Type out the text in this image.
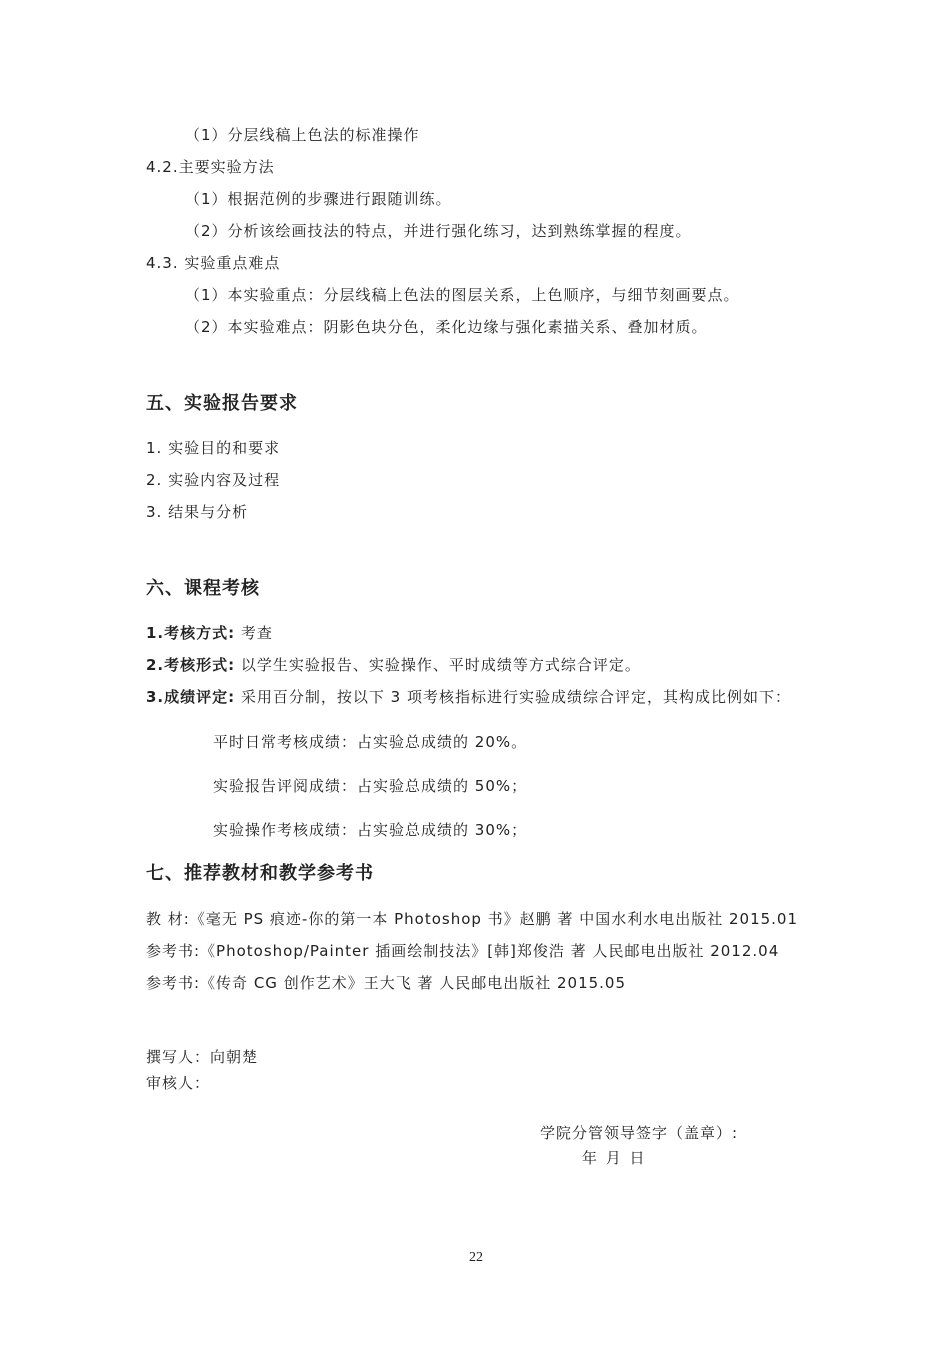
（1）分层线稿上色法的标准操作
4.2.主要实验方法
（1）根据范例的步骤进行跟随训练。
（2）分析该绘画技法的特点，并进行强化练习，达到熟练掌握的程度。
4.3. 实验重点难点
（1）本实验重点：分层线稿上色法的图层关系，上色顺序，与细节刻画要点。
（2）本实验难点：阴影色块分色，柔化边缘与强化素描关系、叠加材质。
五、实验报告要求
1. 实验目的和要求
2. 实验内容及过程
3. 结果与分析
六、课程考核
1.考核方式: 考查
2.考核形式: 以学生实验报告、实验操作、平时成绩等方式综合评定。
3.成绩评定: 采用百分制，按以下 3 项考核指标进行实验成绩综合评定，其构成比例如下：
平时日常考核成绩：占实验总成绩的 20%。
实验报告评阅成绩：占实验总成绩的 50%；
实验操作考核成绩：占实验总成绩的 30%；
七、推荐教材和教学参考书
教 材:《毫无 PS 痕迹-你的第一本 Photoshop 书》赵鹏 著 中国水利水电出版社 2015.01
参考书:《Photoshop/Painter 插画绘制技法》[韩]郑俊浩 著 人民邮电出版社 2012.04
参考书:《传奇 CG 创作艺术》王大飞 著 人民邮电出版社 2015.05
撰写人：向朝楚
审核人：
学院分管领导签字（盖章）:
年 月 日
22
